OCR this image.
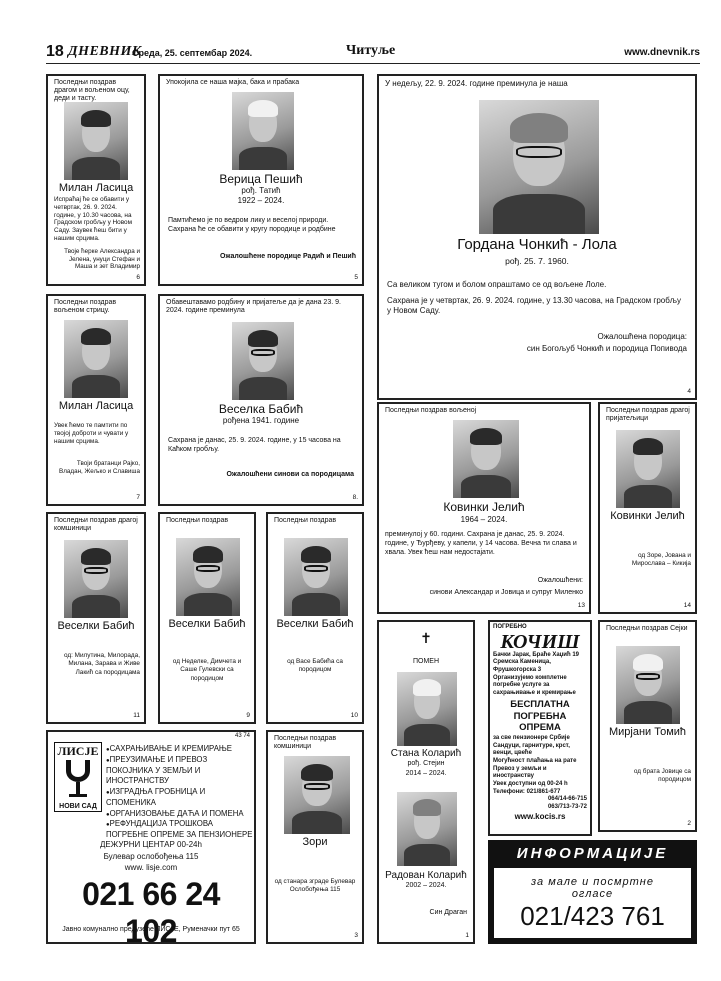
18 ДНЕВНИК
Среда, 25. септембар 2024.	Читуље	www.dnevnik.rs
Последњи поздрав драгом и вољеном оцу, деди и тасту.
Милан Ласица
Испраћај ће се обавити у четвртак, 26. 9. 2024. године, у 10.30 часова, на Градском гробљу у Новом Саду. Заувек ћеш бити у нашим срцима.
Твоје ћерке Александра и Јелена, унуци Стефан и Маша и зет Владимир
6
Упокојила се наша мајка, бака и прабака
Верица Пешић
рођ. Татић
1922 – 2024.
Памтићемо је по ведром лику и веселој природи. Сахрана ће се обавити у кругу породице и родбине
Ожалошћене породице Радић и Пешић
5
У недељу, 22. 9. 2024. године преминула је наша
Гордана Чонкић - Лола
рођ. 25. 7. 1960.
Са великом тугом и болом опраштамо се од вољене Лоле.
Сахрана је у четвртак, 26. 9. 2024. године, у 13.30 часова, на Градском гробљу у Новом Саду.
Ожалошћена породица:
син Богољуб Чонкић и породица Попивода
4
Последњи поздрав вољеном стрицу.
Милан Ласица
Увек ћемо те памтити по твојој доброти и чувати у нашим срцима.
Твоји братанци Рајко, Владан, Жељко и Славиша
7
Обавештавамо родбину и пријатеље да је дана 23. 9. 2024. године преминула
Веселка Бабић
рођена 1941. године
Сахрана је данас, 25. 9. 2024. године, у 15 часова на Каћком гробљу.
Ожалошћени синови са породицама
8.
Последњи поздрав вољеној
Ковинки Јелић
1964 – 2024.
преминулој у 60. години. Сахрана је данас, 25. 9. 2024. године, у Ђурђеву, у капели, у 14 часова. Вечна ти слава и хвала. Увек ћеш нам недостајати.
Ожалошћени:
синови Александар и Јовица и супруг Миленко
13
Последњи поздрав драгој пријатељици
Ковинки Јелић
од Зоре, Јована и Мирослава – Кикија
14
Последњи поздрав драгој комшиници
Веселки Бабић
од: Милутина, Милорада, Милана, Зарава и Живе Лакић са породицама
11
Последњи поздрав
Веселки Бабић
од Неделке, Димчета и Саше Гулевски са породицом
9
Последњи поздрав
Веселки Бабић
од Васе Бабића са породицом
10
✝
ПОМЕН
Стана Коларић
рођ. Стејин
2014 – 2024.
Радован Коларић
2002 – 2024.
Син Драган
1
ПОГРЕБНО
КОЧИШ
Бачки Јарак, Браће Хаџић 19
Сремска Каменица, Фрушкогорска 3
Организујемо комплетне погребне услуге за сахрањивање и кремирање
БЕСПЛАТНА
ПОГРЕБНА ОПРЕМА
за све пензионере Србије
Сандуци, гарнитуре, крст, венци, цвеће
Могућност плаћања на рате
Превоз у земљи и иностранству
Увек доступни од 00-24 h
Телефони: 021/861-677
064/14-66-715
063/713-73-72
www.kocis.rs
Последњи поздрав Сејки
Мирјани Томић
од брата Јовице са породицом
2
ЛИСЈЕ
НОВИ САД
43 74
● САХРАЊИВАЊЕ И КРЕМИРАЊЕ
● ПРЕУЗИМАЊЕ И ПРЕВОЗ ПОКОЈНИКА У ЗЕМЉИ И ИНОСТРАНСТВУ
● ИЗГРАДЊА ГРОБНИЦА И СПОМЕНИКА
● ОРГАНИЗОВАЊЕ ДАЋА И ПОМЕНА
● РЕФУНДАЦИЈА ТРОШКОВА ПОГРЕБНЕ ОПРЕМЕ ЗА ПЕНЗИОНЕРЕ
ДЕЖУРНИ ЦЕНТАР 00-24h
Булевар ослобођења 115
www. lisje.com
021 66 24 102
Јавно комунално предузеће ЛИСЈЕ, Руменачки пут 65
Последњи поздрав комшиници
Зори
од станара зграде Булевар Ослобођења 115
3
ИНФОРМАЦИЈЕ
за мале и посмртне
огласе
021/423 761
